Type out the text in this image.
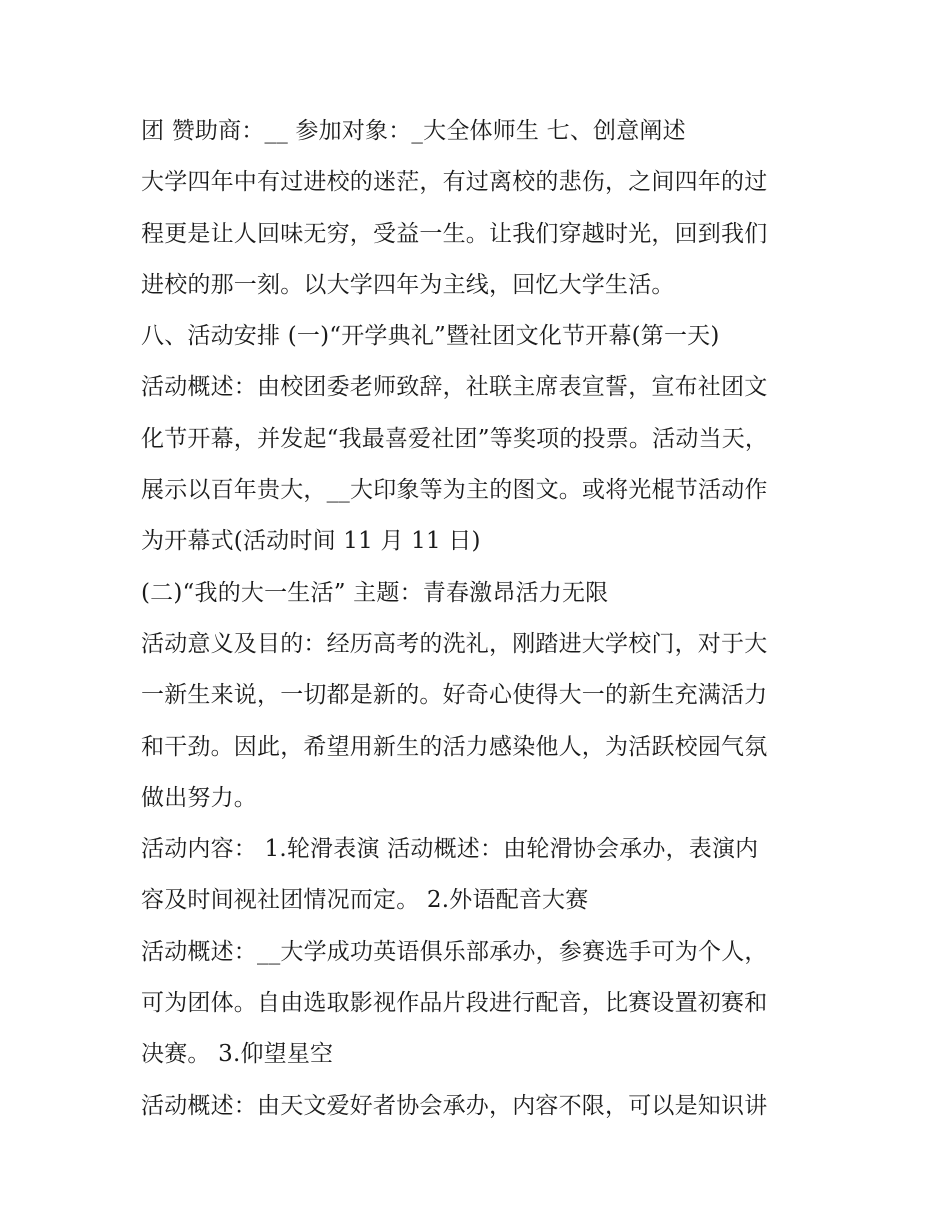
团 赞助商：__ 参加对象：_大全体师生 七、创意阐述
大学四年中有过进校的迷茫，有过离校的悲伤，之间四年的过
程更是让人回味无穷，受益一生。让我们穿越时光，回到我们
进校的那一刻。以大学四年为主线，回忆大学生活。
八、活动安排 (一)“开学典礼”暨社团文化节开幕(第一天)
活动概述：由校团委老师致辞，社联主席表宣誓，宣布社团文
化节开幕，并发起“我最喜爱社团”等奖项的投票。活动当天，
展示以百年贵大，__大印象等为主的图文。或将光棍节活动作
为开幕式(活动时间 11 月 11 日)
(二)“我的大一生活” 主题：青春激昂活力无限
活动意义及目的：经历高考的洗礼，刚踏进大学校门，对于大
一新生来说，一切都是新的。好奇心使得大一的新生充满活力
和干劲。因此，希望用新生的活力感染他人，为活跃校园气氛
做出努力。
活动内容： 1.轮滑表演 活动概述：由轮滑协会承办，表演内
容及时间视社团情况而定。 2.外语配音大赛
活动概述：__大学成功英语俱乐部承办，参赛选手可为个人，
可为团体。自由选取影视作品片段进行配音，比赛设置初赛和
决赛。 3.仰望星空
活动概述：由天文爱好者协会承办，内容不限，可以是知识讲
